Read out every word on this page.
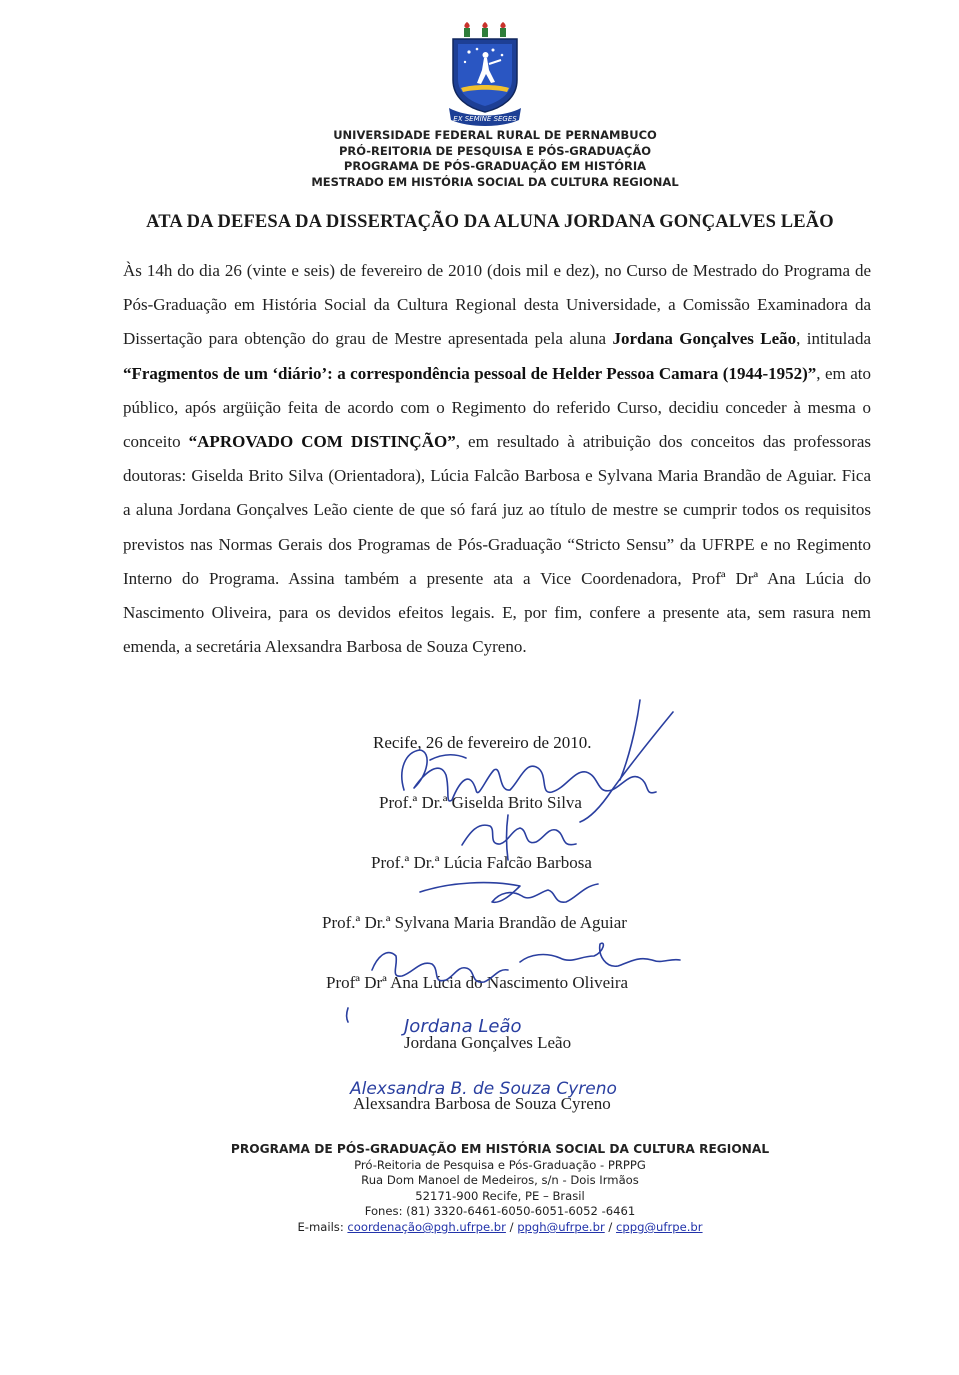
EX SEMINE SEGES
UNIVERSIDADE FEDERAL RURAL DE PERNAMBUCO
PRÓ-REITORIA DE PESQUISA E PÓS-GRADUAÇÃO
PROGRAMA DE PÓS-GRADUAÇÃO EM HISTÓRIA
MESTRADO EM HISTÓRIA SOCIAL DA CULTURA REGIONAL
ATA DA DEFESA DA DISSERTAÇÃO DA ALUNA JORDANA GONÇALVES LEÃO
Às 14h do dia 26 (vinte e seis) de fevereiro de 2010 (dois mil e dez), no Curso de Mestrado do Programa de Pós-Graduação em História Social da Cultura Regional desta Universidade, a Comissão Examinadora da Dissertação para obtenção do grau de Mestre apresentada pela aluna Jordana Gonçalves Leão, intitulada “Fragmentos de um ‘diário’: a correspondência pessoal de Helder Pessoa Camara (1944-1952)”, em ato público, após argüição feita de acordo com o Regimento do referido Curso, decidiu conceder à mesma o conceito “APROVADO COM DISTINÇÃO”, em resultado à atribuição dos conceitos das professoras doutoras: Giselda Brito Silva (Orientadora), Lúcia Falcão Barbosa e Sylvana Maria Brandão de Aguiar. Fica a aluna Jordana Gonçalves Leão ciente de que só fará juz ao título de mestre se cumprir todos os requisitos previstos nas Normas Gerais dos Programas de Pós-Graduação “Stricto Sensu” da UFRPE e no Regimento Interno do Programa. Assina também a presente ata a Vice Coordenadora, Profª Drª Ana Lúcia do Nascimento Oliveira, para os devidos efeitos legais. E, por fim, confere a presente ata, sem rasura nem emenda, a secretária Alexsandra Barbosa de Souza Cyreno.
Recife, 26 de fevereiro de 2010.
Prof.ª Dr.ª Giselda Brito Silva
Prof.ª Dr.ª Lúcia Falcão Barbosa
Prof.ª Dr.ª Sylvana Maria Brandão de Aguiar
Profª Drª Ana Lúcia do Nascimento Oliveira
Jordana Gonçalves Leão
Alexsandra Barbosa de Souza Cyreno
Jordana Leão
Alexsandra B. de Souza Cyreno
PROGRAMA DE PÓS-GRADUAÇÃO EM HISTÓRIA SOCIAL DA CULTURA REGIONAL
Pró-Reitoria de Pesquisa e Pós-Graduação - PRPPG
Rua Dom Manoel de Medeiros, s/n - Dois Irmãos
52171-900 Recife, PE – Brasil
Fones: (81) 3320-6461-6050-6051-6052 -6461
E-mails: coordenação@pgh.ufrpe.br / ppgh@ufrpe.br / cppg@ufrpe.br
